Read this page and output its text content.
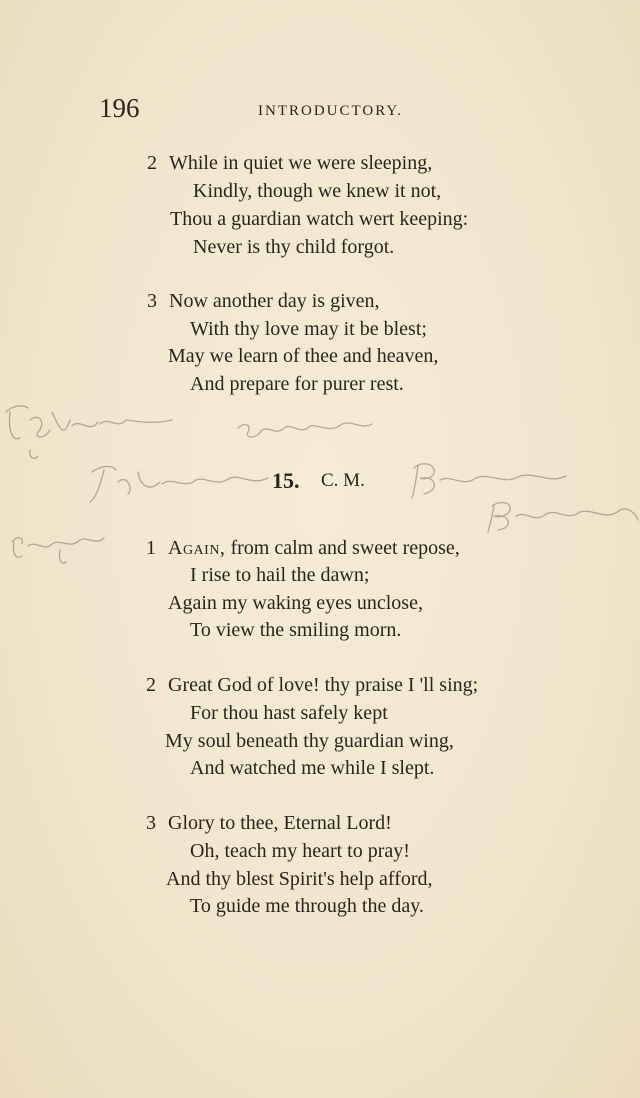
196	INTRODUCTORY.
2 While in quiet we were sleeping,
Kindly, though we knew it not,
Thou a guardian watch wert keeping:
Never is thy child forgot.
3 Now another day is given,
With thy love may it be blest;
May we learn of thee and heaven,
And prepare for purer rest.
15. C. M.
1 Again, from calm and sweet repose,
I rise to hail the dawn;
Again my waking eyes unclose,
To view the smiling morn.
2 Great God of love! thy praise I 'll sing;
For thou hast safely kept
My soul beneath thy guardian wing,
And watched me while I slept.
3 Glory to thee, Eternal Lord!
Oh, teach my heart to pray!
And thy blest Spirit's help afford,
To guide me through the day.
